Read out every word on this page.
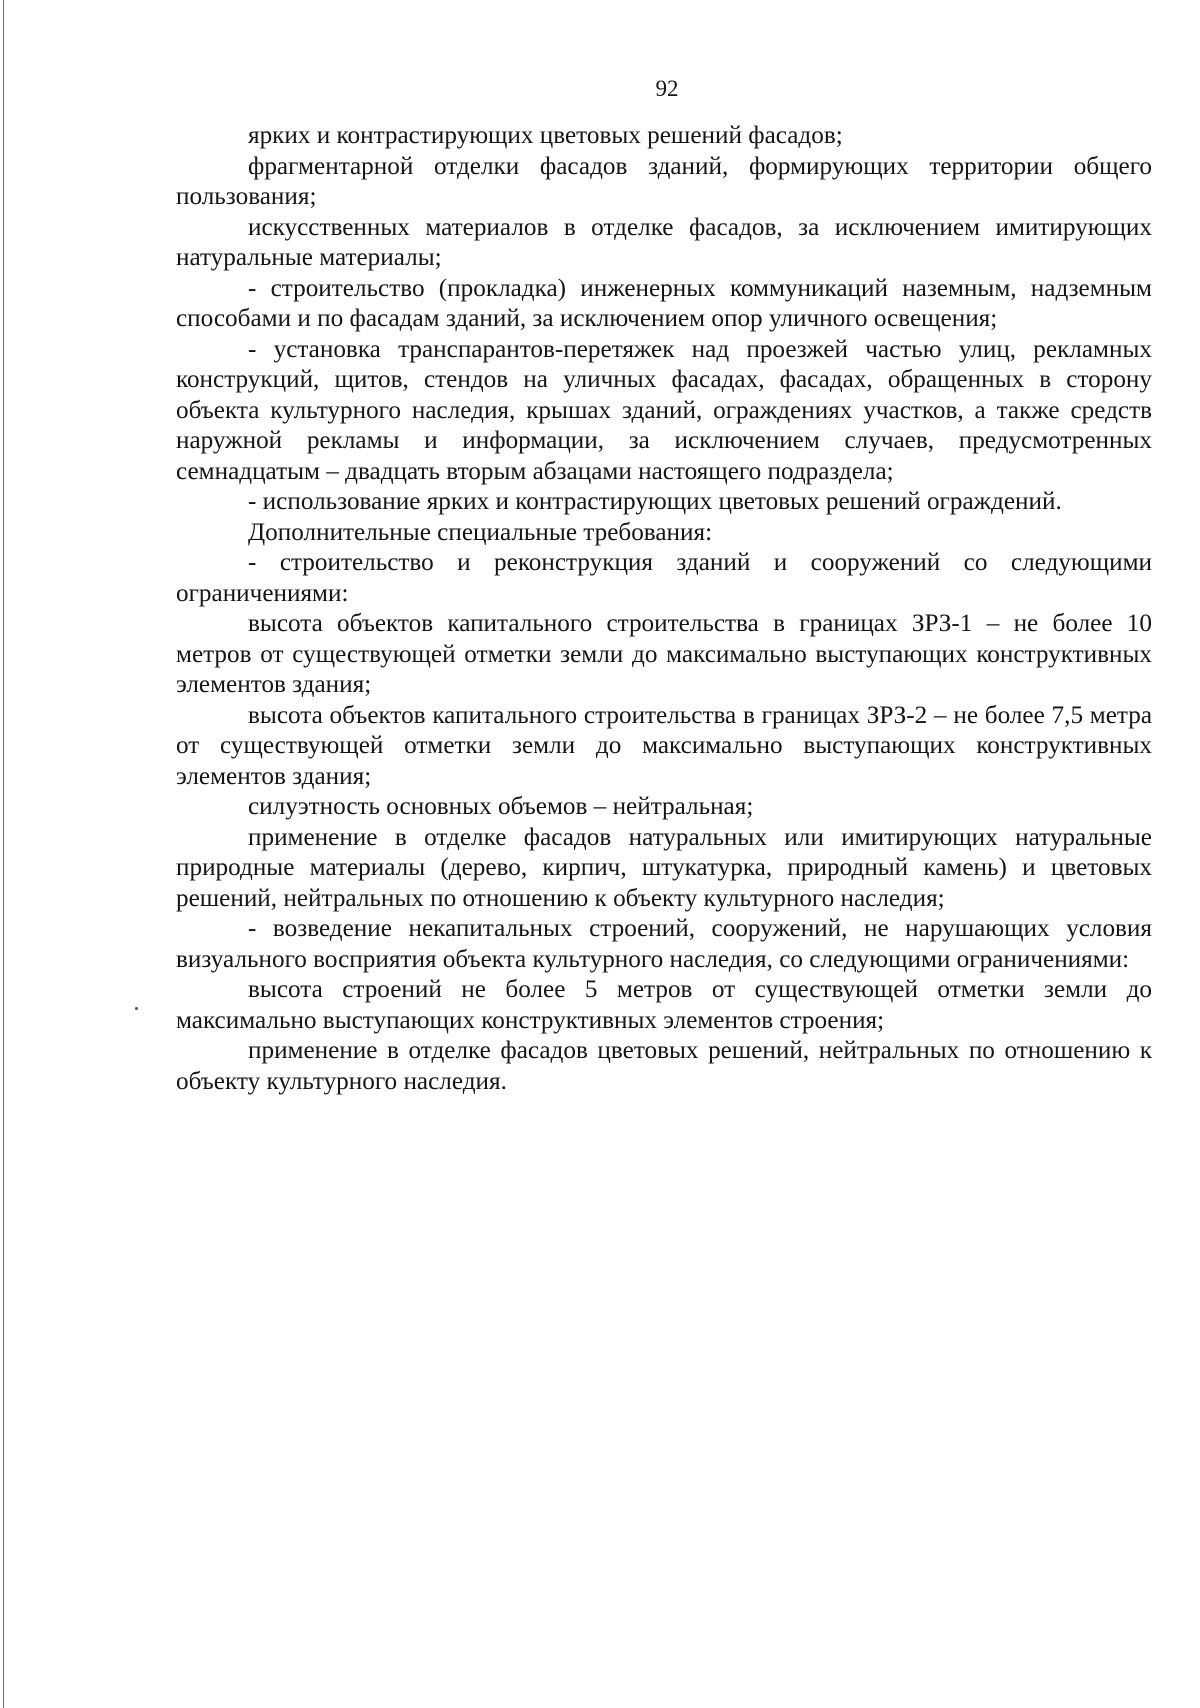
92

ярких и контрастирующих цветовых решений фасадов;

фрагментарной отделки фасадов зданий, формирующих территории общего пользования;

искусственных материалов в отделке фасадов, за исключением имитирующих натуральные материалы;

- строительство (прокладка) инженерных коммуникаций наземным, надземным способами и по фасадам зданий, за исключением опор уличного освещения;

- установка транспарантов-перетяжек над проезжей частью улиц, рекламных конструкций, щитов, стендов на уличных фасадах, фасадах, обращенных в сторону объекта культурного наследия, крышах зданий, ограждениях участков, а также средств наружной рекламы и информации, за исключением случаев, предусмотренных семнадцатым – двадцать вторым абзацами настоящего подраздела;

- использование ярких и контрастирующих цветовых решений ограждений.

Дополнительные специальные требования:

- строительство и реконструкция зданий и сооружений со следующими ограничениями:

высота объектов капитального строительства в границах ЗРЗ-1 – не более 10 метров от существующей отметки земли до максимально выступающих конструктивных элементов здания;

высота объектов капитального строительства в границах ЗРЗ-2 – не более 7,5 метра от существующей отметки земли до максимально выступающих конструктивных элементов здания;

силуэтность основных объемов – нейтральная;

применение в отделке фасадов натуральных или имитирующих натуральные природные материалы (дерево, кирпич, штукатурка, природный камень) и цветовых решений, нейтральных по отношению к объекту культурного наследия;

- возведение некапитальных строений, сооружений, не нарушающих условия визуального восприятия объекта культурного наследия, со следующими ограничениями:

высота строений не более 5 метров от существующей отметки земли до максимально выступающих конструктивных элементов строения;

применение в отделке фасадов цветовых решений, нейтральных по отношению к объекту культурного наследия.
